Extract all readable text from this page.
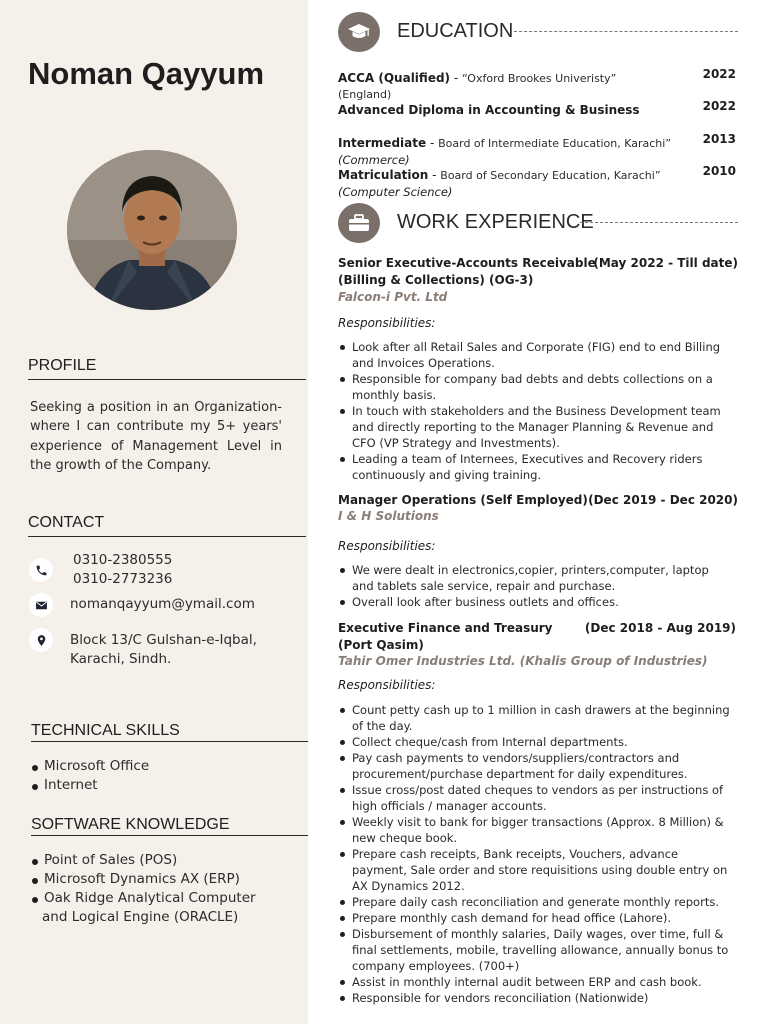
Noman Qayyum
PROFILE
Seeking a position in an Organization- where I can contribute my 5+ years' experience of Management Level in the growth of the Company.
CONTACT
0310-2380555
0310-2773236
nomanqayyum@ymail.com
Block 13/C Gulshan-e-Iqbal,
Karachi, Sindh.
TECHNICAL SKILLS
Microsoft Office
Internet
SOFTWARE KNOWLEDGE
Point of Sales (POS)
Microsoft Dynamics AX (ERP)
Oak Ridge Analytical Computer
and Logical Engine (ORACLE)
EDUCATION
ACCA (Qualified) - “Oxford Brookes Univeristy”
(England)
2022
Advanced Diploma in Accounting & Business	2022
Intermediate - Board of Intermediate Education, Karachi”
(Commerce)
2013
Matriculation - Board of Secondary Education, Karachi”
(Computer Science)
2010
WORK EXPERIENCE
Senior Executive-Accounts Receivable
(May 2022 - Till date)
(Billing & Collections) (OG-3)
Falcon-i Pvt. Ltd
Responsibilities:
Look after all Retail Sales and Corporate (FIG) end to end Billing
and Invoices Operations.
Responsible for company bad debts and debts collections on a
monthly basis.
In touch with stakeholders and the Business Development team
and directly reporting to the Manager Planning & Revenue and
CFO (VP Strategy and Investments).
Leading a team of Internees, Executives and Recovery riders
continuously and giving training.
Manager Operations (Self Employed) (Dec 2019 - Dec 2020)
I & H Solutions
Responsibilities:
We were dealt in electronics,copier, printers,computer, laptop
and tablets sale service, repair and purchase.
Overall look after business outlets and offices.
Executive Finance and Treasury	(Dec 2018 - Aug 2019)
(Port Qasim)
Tahir Omer Industries Ltd. (Khalis Group of Industries)
Responsibilities:
Count petty cash up to 1 million in cash drawers at the beginning
of the day.
Collect cheque/cash from Internal departments.
Pay cash payments to vendors/suppliers/contractors and
procurement/purchase department for daily expenditures.
Issue cross/post dated cheques to vendors as per instructions of
high officials / manager accounts.
Weekly visit to bank for bigger transactions (Approx. 8 Million) &
new cheque book.
Prepare cash receipts, Bank receipts, Vouchers, advance
payment, Sale order and store requisitions using double entry on
AX Dynamics 2012.
Prepare daily cash reconciliation and generate monthly reports.
Prepare monthly cash demand for head office (Lahore).
Disbursement of monthly salaries, Daily wages, over time, full &
final settlements, mobile, travelling allowance, annually bonus to
company employees. (700+)
Assist in monthly internal audit between ERP and cash book.
Responsible for vendors reconciliation (Nationwide)
